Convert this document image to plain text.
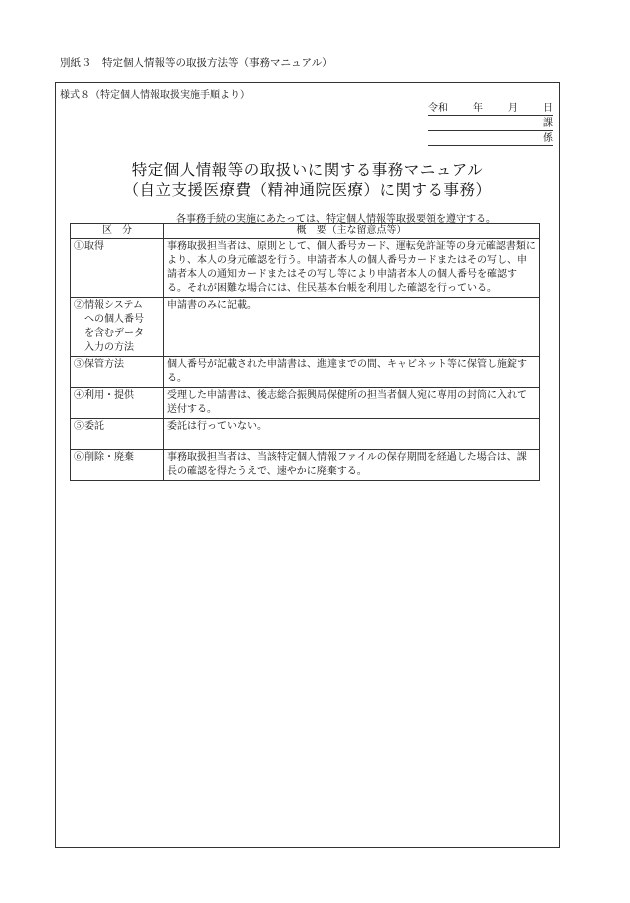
別紙３　特定個人情報等の取扱方法等（事務マニュアル）
様式８（特定個人情報取扱実施手順より）
令和	年	月	日
課
係
特定個人情報等の取扱いに関する事務マニュアル
（自立支援医療費（精神通院医療）に関する事務）
各事務手続の実施にあたっては、特定個人情報等取扱要領を遵守する。
区　分	概　要（主な留意点等）
①取得	事務取扱担当者は、原則として、個人番号カード、運転免許証等の身元確認書類により、本人の身元確認を行う。申請者本人の個人番号カードまたはその写し、申請者本人の通知カードまたはその写し等により申請者本人の個人番号を確認する。それが困難な場合には、住民基本台帳を利用した確認を行っている。
②情報システム
　への個人番号
　を含むデータ
　入力の方法	申請書のみに記載。
③保管方法	個人番号が記載された申請書は、進達までの間、キャビネット等に保管し施錠する。
④利用・提供	受理した申請書は、後志総合振興局保健所の担当者個人宛に専用の封筒に入れて送付する。
⑤委託	委託は行っていない。
⑥削除・廃棄	事務取扱担当者は、当該特定個人情報ファイルの保存期間を経過した場合は、課長の確認を得たうえで、速やかに廃棄する。
